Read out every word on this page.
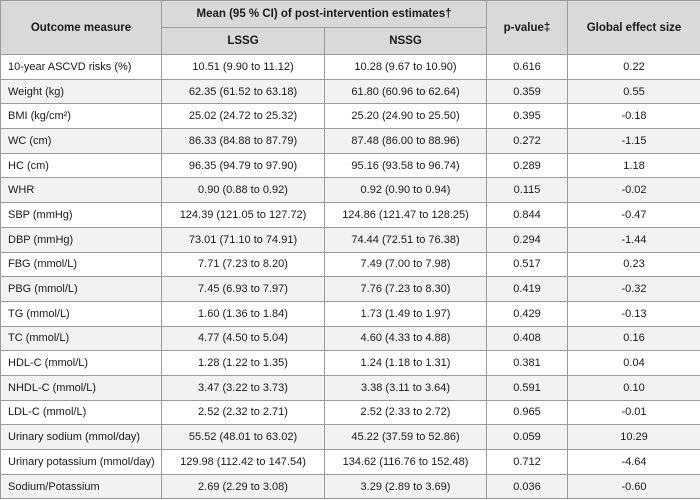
Outcome measure	Mean (95 % CI) of post-intervention estimates†		p-value‡	Global effect size
	LSSG	NSSG		
10-year ASCVD risks (%)	10.51 (9.90 to 11.12)	10.28 (9.67 to 10.90)	0.616	0.22
Weight (kg)	62.35 (61.52 to 63.18)	61.80 (60.96 to 62.64)	0.359	0.55
BMI (kg/cm²)	25.02 (24.72 to 25.32)	25.20 (24.90 to 25.50)	0.395	-0.18
WC (cm)	86.33 (84.88 to 87.79)	87.48 (86.00 to 88.96)	0.272	-1.15
HC (cm)	96.35 (94.79 to 97.90)	95.16 (93.58 to 96.74)	0.289	1.18
WHR	0.90 (0.88 to 0.92)	0.92 (0.90 to 0.94)	0.115	-0.02
SBP (mmHg)	124.39 (121.05 to 127.72)	124.86 (121.47 to 128.25)	0.844	-0.47
DBP (mmHg)	73.01 (71.10 to 74.91)	74.44 (72.51 to 76.38)	0.294	-1.44
FBG (mmol/L)	7.71 (7.23 to 8.20)	7.49 (7.00 to 7.98)	0.517	0.23
PBG (mmol/L)	7.45 (6.93 to 7.97)	7.76 (7.23 to 8.30)	0.419	-0.32
TG (mmol/L)	1.60 (1.36 to 1.84)	1.73 (1.49 to 1.97)	0.429	-0.13
TC (mmol/L)	4.77 (4.50 to 5.04)	4.60 (4.33 to 4.88)	0.408	0.16
HDL-C (mmol/L)	1.28 (1.22 to 1.35)	1.24 (1.18 to 1.31)	0.381	0.04
NHDL-C (mmol/L)	3.47 (3.22 to 3.73)	3.38 (3.11 to 3.64)	0.591	0.10
LDL-C (mmol/L)	2.52 (2.32 to 2.71)	2.52 (2.33 to 2.72)	0.965	-0.01
Urinary sodium (mmol/day)	55.52 (48.01 to 63.02)	45.22 (37.59 to 52.86)	0.059	10.29
Urinary potassium (mmol/day)	129.98 (112.42 to 147.54)	134.62 (116.76 to 152.48)	0.712	-4.64
Sodium/Potassium	2.69 (2.29 to 3.08)	3.29 (2.89 to 3.69)	0.036	-0.60
